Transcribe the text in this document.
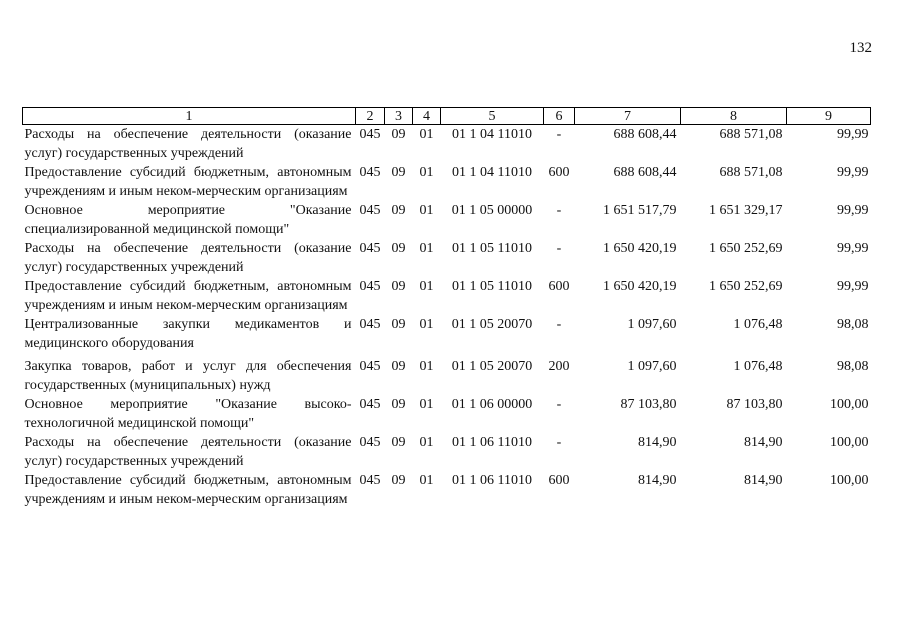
132
1	2	3	4	5	6	7	8	9
Расходы на обеспечение деятельности (оказание услуг) государственных учреждений	045	09	01	01 1 04 11010	-	688 608,44	688 571,08	99,99
Предоставление субсидий бюджетным, автономным учреждениям и иным неком-мерческим организациям	045	09	01	01 1 04 11010	600	688 608,44	688 571,08	99,99
Основное мероприятие "Оказание специализированной медицинской помощи"	045	09	01	01 1 05 00000	-	1 651 517,79	1 651 329,17	99,99
Расходы на обеспечение деятельности (оказание услуг) государственных учреждений	045	09	01	01 1 05 11010	-	1 650 420,19	1 650 252,69	99,99
Предоставление субсидий бюджетным, автономным учреждениям и иным неком-мерческим организациям	045	09	01	01 1 05 11010	600	1 650 420,19	1 650 252,69	99,99
Централизованные закупки медикаментов и медицинского оборудования	045	09	01	01 1 05 20070	-	1 097,60	1 076,48	98,08
Закупка товаров, работ и услуг для обеспечения государственных (муниципальных) нужд	045	09	01	01 1 05 20070	200	1 097,60	1 076,48	98,08
Основное мероприятие "Оказание высоко-технологичной медицинской помощи"	045	09	01	01 1 06 00000	-	87 103,80	87 103,80	100,00
Расходы на обеспечение деятельности (оказание услуг) государственных учреждений	045	09	01	01 1 06 11010	-	814,90	814,90	100,00
Предоставление субсидий бюджетным, автономным учреждениям и иным неком-мерческим организациям	045	09	01	01 1 06 11010	600	814,90	814,90	100,00
